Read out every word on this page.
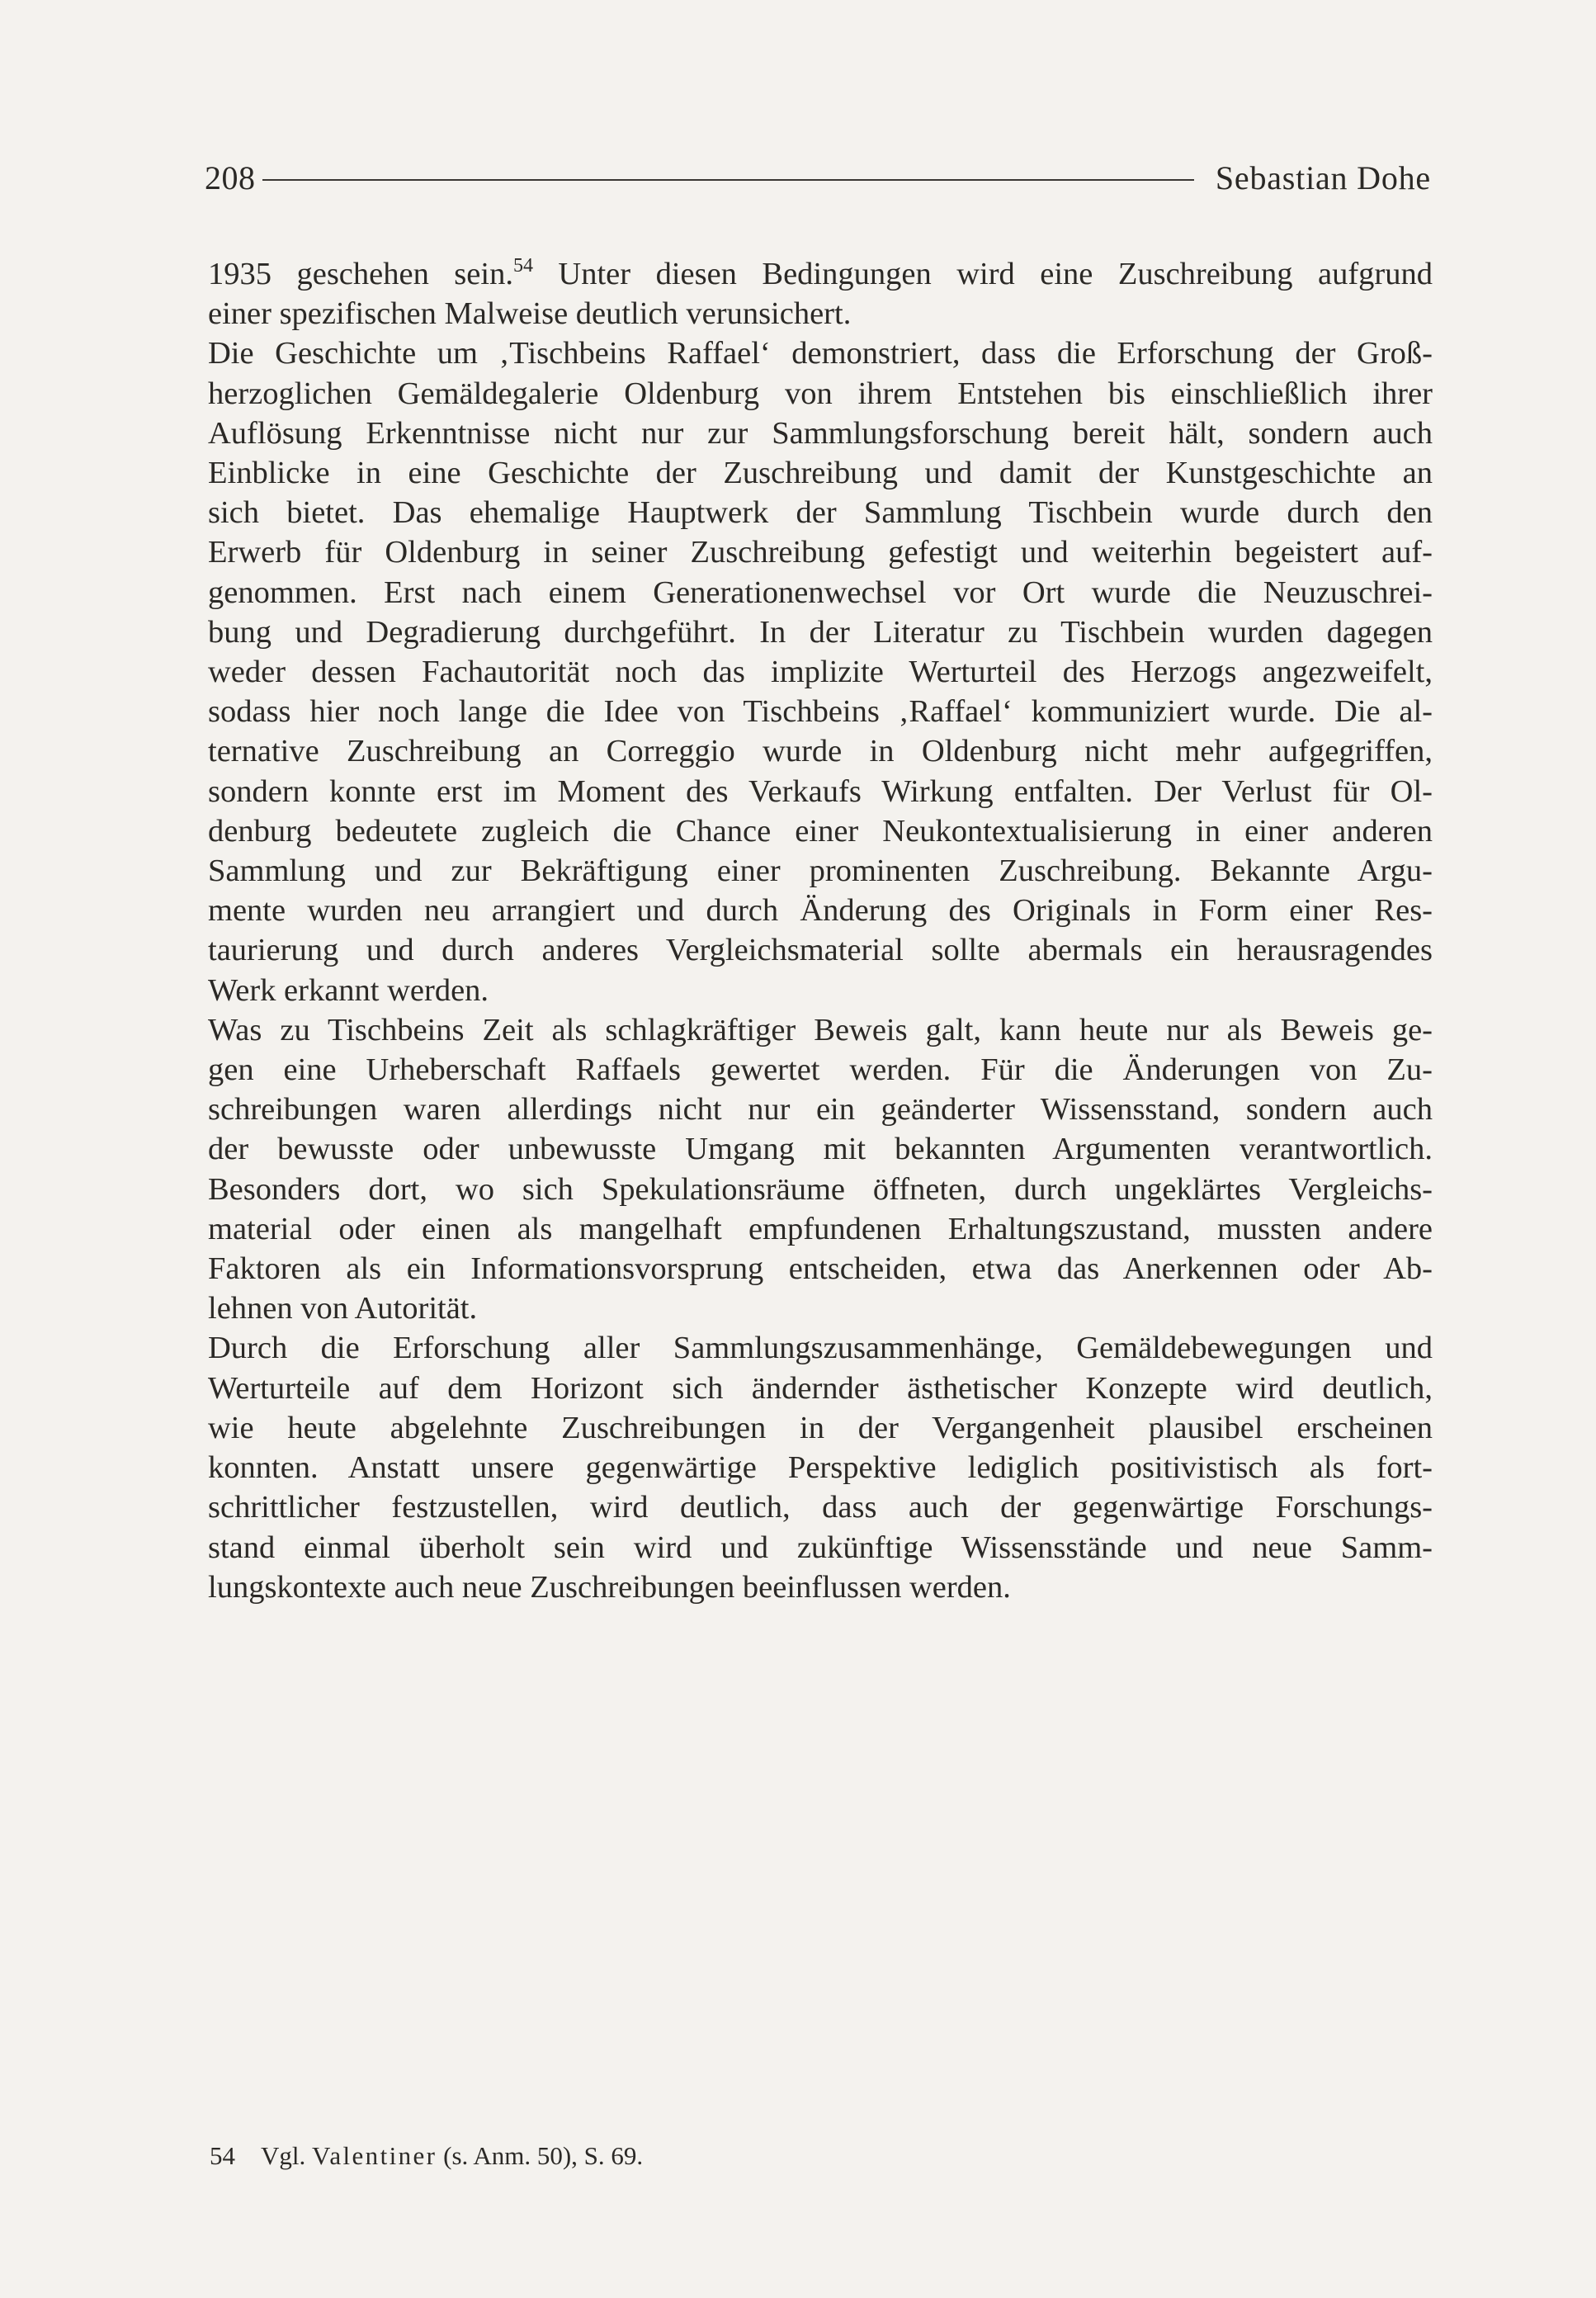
208	Sebastian Dohe
1935 geschehen sein.$^{54}$ Unter diesen Bedingungen wird eine Zuschreibung aufgrund
einer spezifischen Malweise deutlich verunsichert.
Die Geschichte um ‚Tischbeins Raffael‘ demonstriert, dass die Erforschung der Groß-
herzoglichen Gemäldegalerie Oldenburg von ihrem Entstehen bis einschließlich ihrer
Auflösung Erkenntnisse nicht nur zur Sammlungsforschung bereit hält, sondern auch
Einblicke in eine Geschichte der Zuschreibung und damit der Kunstgeschichte an
sich bietet. Das ehemalige Hauptwerk der Sammlung Tischbein wurde durch den
Erwerb für Oldenburg in seiner Zuschreibung gefestigt und weiterhin begeistert auf-
genommen. Erst nach einem Generationenwechsel vor Ort wurde die Neuzuschrei-
bung und Degradierung durchgeführt. In der Literatur zu Tischbein wurden dagegen
weder dessen Fachautorität noch das implizite Werturteil des Herzogs angezweifelt,
sodass hier noch lange die Idee von Tischbeins ‚Raffael‘ kommuniziert wurde. Die al-
ternative Zuschreibung an Correggio wurde in Oldenburg nicht mehr aufgegriffen,
sondern konnte erst im Moment des Verkaufs Wirkung entfalten. Der Verlust für Ol-
denburg bedeutete zugleich die Chance einer Neukontextualisierung in einer anderen
Sammlung und zur Bekräftigung einer prominenten Zuschreibung. Bekannte Argu-
mente wurden neu arrangiert und durch Änderung des Originals in Form einer Res-
taurierung und durch anderes Vergleichsmaterial sollte abermals ein herausragendes
Werk erkannt werden.
Was zu Tischbeins Zeit als schlagkräftiger Beweis galt, kann heute nur als Beweis ge-
gen eine Urheberschaft Raffaels gewertet werden. Für die Änderungen von Zu-
schreibungen waren allerdings nicht nur ein geänderter Wissensstand, sondern auch
der bewusste oder unbewusste Umgang mit bekannten Argumenten verantwortlich.
Besonders dort, wo sich Spekulationsräume öffneten, durch ungeklärtes Vergleichs-
material oder einen als mangelhaft empfundenen Erhaltungszustand, mussten andere
Faktoren als ein Informationsvorsprung entscheiden, etwa das Anerkennen oder Ab-
lehnen von Autorität.
Durch die Erforschung aller Sammlungszusammenhänge, Gemäldebewegungen und
Werturteile auf dem Horizont sich ändernder ästhetischer Konzepte wird deutlich,
wie heute abgelehnte Zuschreibungen in der Vergangenheit plausibel erscheinen
konnten. Anstatt unsere gegenwärtige Perspektive lediglich positivistisch als fort-
schrittlicher festzustellen, wird deutlich, dass auch der gegenwärtige Forschungs-
stand einmal überholt sein wird und zukünftige Wissensstände und neue Samm-
lungskontexte auch neue Zuschreibungen beeinflussen werden.
54 Vgl. Valentiner (s. Anm. 50), S. 69.
